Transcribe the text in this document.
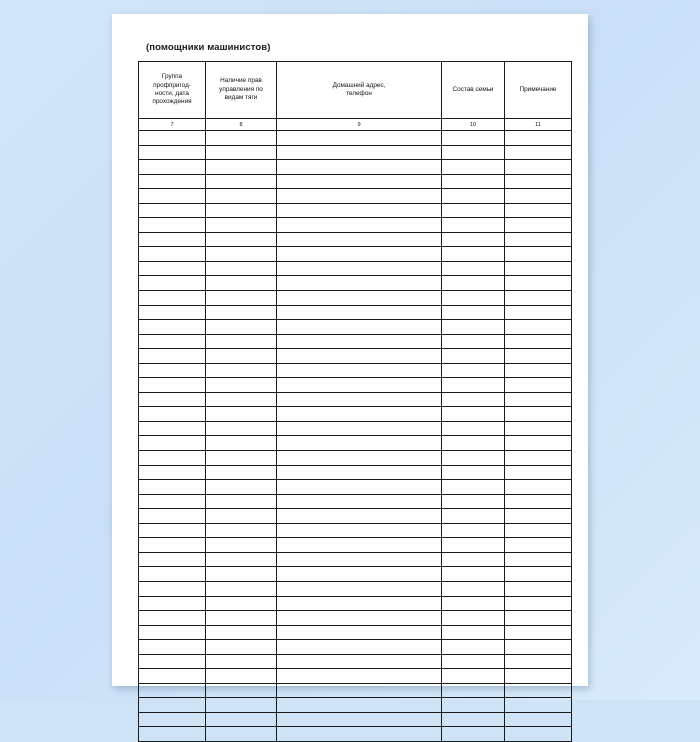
(помощники машинистов)
Группа
профпригод-
ности, дата
прохождения	Наличие прав
управления по
видам тяги	Домашний адрес,
телефон	Состав семьи	Примечание

7	8	9	10	11
